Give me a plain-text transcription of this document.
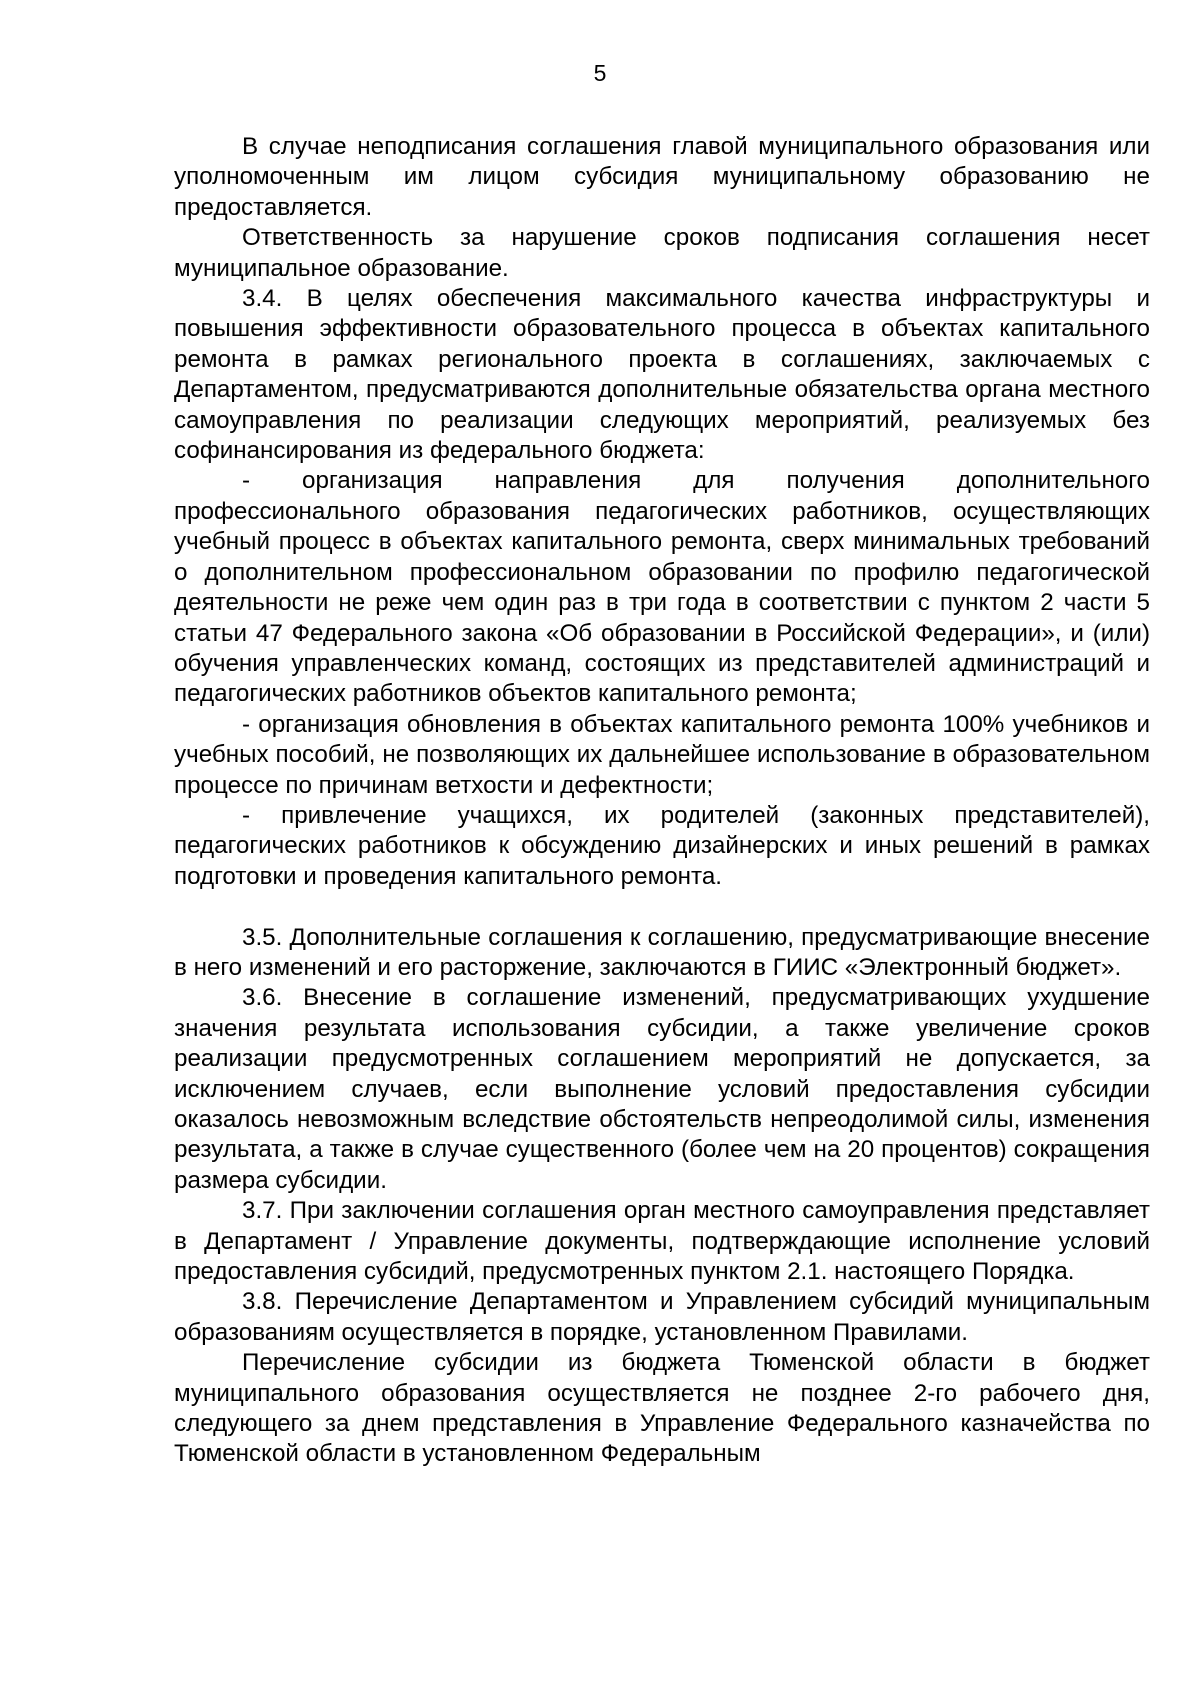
5

В случае неподписания соглашения главой муниципального образования или уполномоченным им лицом субсидия муниципальному образованию не предоставляется.

Ответственность за нарушение сроков подписания соглашения несет муниципальное образование.

3.4. В целях обеспечения максимального качества инфраструктуры и повышения эффективности образовательного процесса в объектах капитального ремонта в рамках регионального проекта в соглашениях, заключаемых с Департаментом, предусматриваются дополнительные обязательства органа местного самоуправления по реализации следующих мероприятий, реализуемых без софинансирования из федерального бюджета:

- организация направления для получения дополнительного профессионального образования педагогических работников, осуществляющих учебный процесс в объектах капитального ремонта, сверх минимальных требований о дополнительном профессиональном образовании по профилю педагогической деятельности не реже чем один раз в три года в соответствии с пунктом 2 части 5 статьи 47 Федерального закона «Об образовании в Российской Федерации», и (или) обучения управленческих команд, состоящих из представителей администраций и педагогических работников объектов капитального ремонта;

- организация обновления в объектах капитального ремонта 100% учебников и учебных пособий, не позволяющих их дальнейшее использование в образовательном процессе по причинам ветхости и дефектности;

- привлечение учащихся, их родителей (законных представителей), педагогических работников к обсуждению дизайнерских и иных решений в рамках подготовки и проведения капитального ремонта.

3.5. Дополнительные соглашения к соглашению, предусматривающие внесение в него изменений и его расторжение, заключаются в ГИИС «Электронный бюджет».

3.6. Внесение в соглашение изменений, предусматривающих ухудшение значения результата использования субсидии, а также увеличение сроков реализации предусмотренных соглашением мероприятий не допускается, за исключением случаев, если выполнение условий предоставления субсидии оказалось невозможным вследствие обстоятельств непреодолимой силы, изменения результата, а также в случае существенного (более чем на 20 процентов) сокращения размера субсидии.

3.7. При заключении соглашения орган местного самоуправления представляет в Департамент / Управление документы, подтверждающие исполнение условий предоставления субсидий, предусмотренных пунктом 2.1. настоящего Порядка.

3.8. Перечисление Департаментом и Управлением субсидий муниципальным образованиям осуществляется в порядке, установленном Правилами.

Перечисление субсидии из бюджета Тюменской области в бюджет муниципального образования осуществляется не позднее 2-го рабочего дня, следующего за днем представления в Управление Федерального казначейства по Тюменской области в установленном Федеральным
